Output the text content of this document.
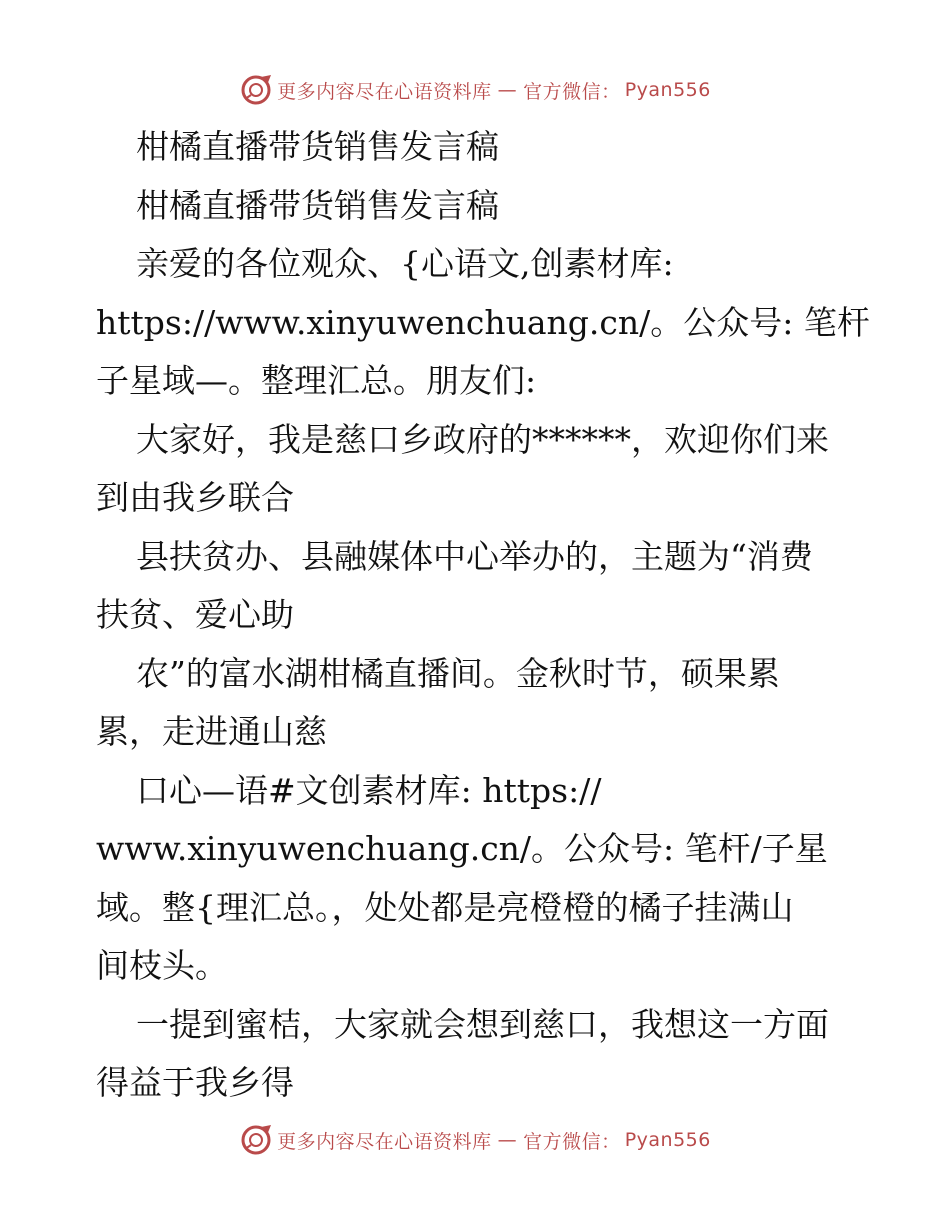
更多内容尽在心语资料库 — 官方微信： Pyan556
柑橘直播带货销售发言稿
柑橘直播带货销售发言稿
亲爱的各位观众、{心语文,创素材库:
https://www.xinyuwenchuang.cn/。公众号: 笔杆
子星域—。整理汇总。朋友们:
大家好，我是慈口乡政府的******，欢迎你们来
到由我乡联合
县扶贫办、县融媒体中心举办的，主题为“消费
扶贫、爱心助
农”的富水湖柑橘直播间。金秋时节，硕果累
累，走进通山慈
口心—语#文创素材库: https://
www.xinyuwenchuang.cn/。公众号: 笔杆/子星
域。整{理汇总。，处处都是亮橙橙的橘子挂满山
间枝头。
一提到蜜桔，大家就会想到慈口，我想这一方面
得益于我乡得
更多内容尽在心语资料库 — 官方微信： Pyan556
